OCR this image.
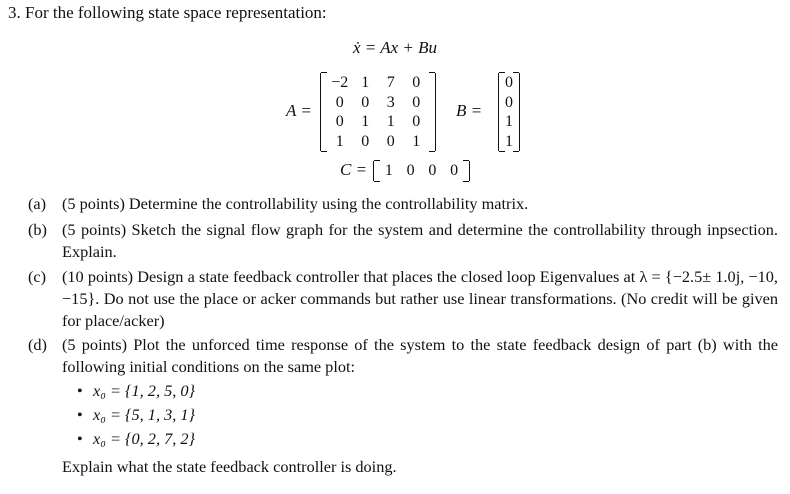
3. For the following state space representation:
ẋ = Ax + Bu
A =
−2 1	7	0
0	0	3	0
0	1	1	0
1	0	0	1
B =
0
0
1
1
C =	1 0 0 0
(a) (5 points) Determine the controllability using the controllability matrix.
(b) (5 points) Sketch the signal flow graph for the system and determine the controllability through inpsection. Explain.
(c) (10 points) Design a state feedback controller that places the closed loop Eigenvalues at λ = {−2.5± 1.0j, −10, −15}. Do not use the place or acker commands but rather use linear transformations. (No credit will be given for place/acker)
(d) (5 points) Plot the unforced time response of the system to the state feedback design of part (b) with the following initial conditions on the same plot:
• x₀ = {1, 2, 5, 0}
• x₀ = {5, 1, 3, 1}
• x₀ = {0, 2, 7, 2}
Explain what the state feedback controller is doing.
